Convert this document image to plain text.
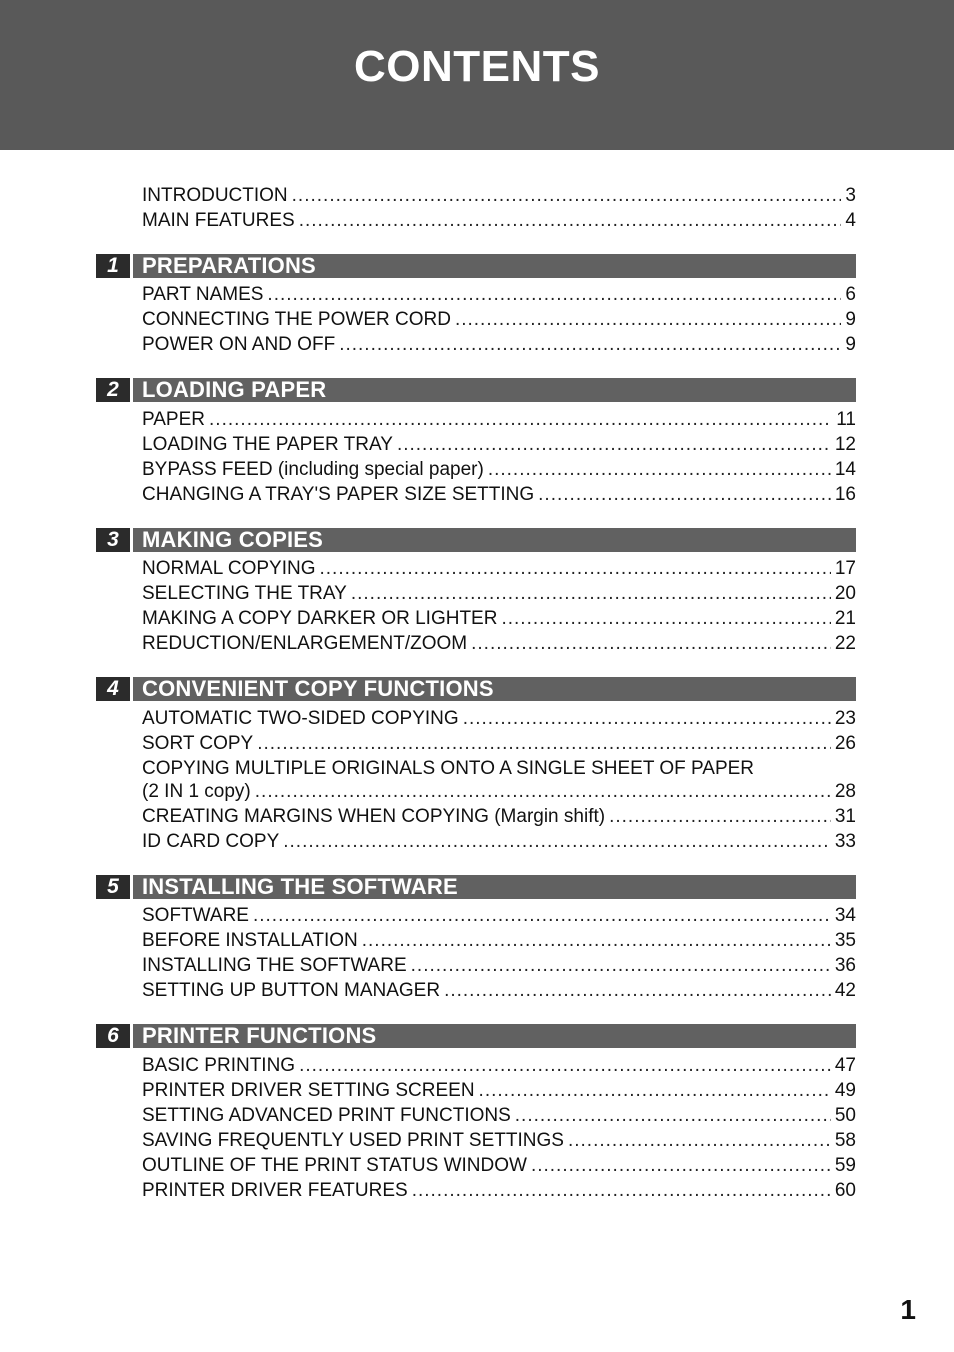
CONTENTS
INTRODUCTION .....	3
MAIN FEATURES .....	4
1	PREPARATIONS
PART NAMES .....	6
CONNECTING THE POWER CORD .....	9
POWER ON AND OFF .....	9
2	LOADING PAPER
PAPER .....	11
LOADING THE PAPER TRAY .....	12
BYPASS FEED (including special paper) .....	14
CHANGING A TRAY'S PAPER SIZE SETTING .....	16
3	MAKING COPIES
NORMAL COPYING .....	17
SELECTING THE TRAY .....	20
MAKING A COPY DARKER OR LIGHTER .....	21
REDUCTION/ENLARGEMENT/ZOOM .....	22
4	CONVENIENT COPY FUNCTIONS
AUTOMATIC TWO-SIDED COPYING .....	23
SORT COPY .....	26
COPYING MULTIPLE ORIGINALS ONTO A SINGLE SHEET OF PAPER
(2 IN 1 copy) .....	28
CREATING MARGINS WHEN COPYING (Margin shift) .....	31
ID CARD COPY .....	33
5	INSTALLING THE SOFTWARE
SOFTWARE .....	34
BEFORE INSTALLATION .....	35
INSTALLING THE SOFTWARE .....	36
SETTING UP BUTTON MANAGER .....	42
6	PRINTER FUNCTIONS
BASIC PRINTING .....	47
PRINTER DRIVER SETTING SCREEN .....	49
SETTING ADVANCED PRINT FUNCTIONS .....	50
SAVING FREQUENTLY USED PRINT SETTINGS .....	58
OUTLINE OF THE PRINT STATUS WINDOW .....	59
PRINTER DRIVER FEATURES .....	60
1
